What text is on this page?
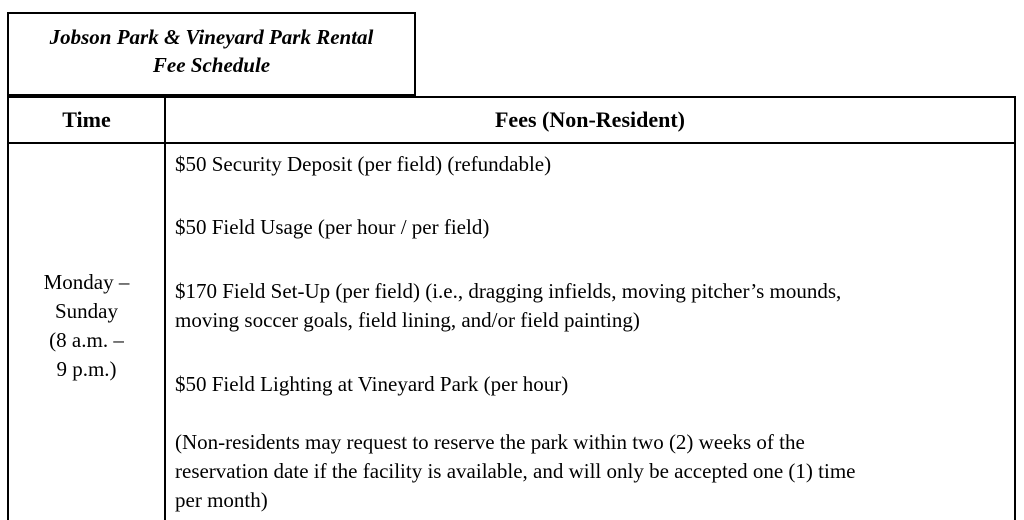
Jobson Park & Vineyard Park Rental
Fee Schedule
Time	Fees (Non-Resident)
Monday –
Sunday
(8 a.m. –
9 p.m.)
$50 Security Deposit (per field) (refundable)
$50 Field Usage (per hour / per field)
$170 Field Set-Up (per field) (i.e., dragging infields, moving pitcher’s mounds,
moving soccer goals, field lining, and/or field painting)
$50 Field Lighting at Vineyard Park (per hour)
(Non-residents may request to reserve the park within two (2) weeks of the
reservation date if the facility is available, and will only be accepted one (1) time
per month)
